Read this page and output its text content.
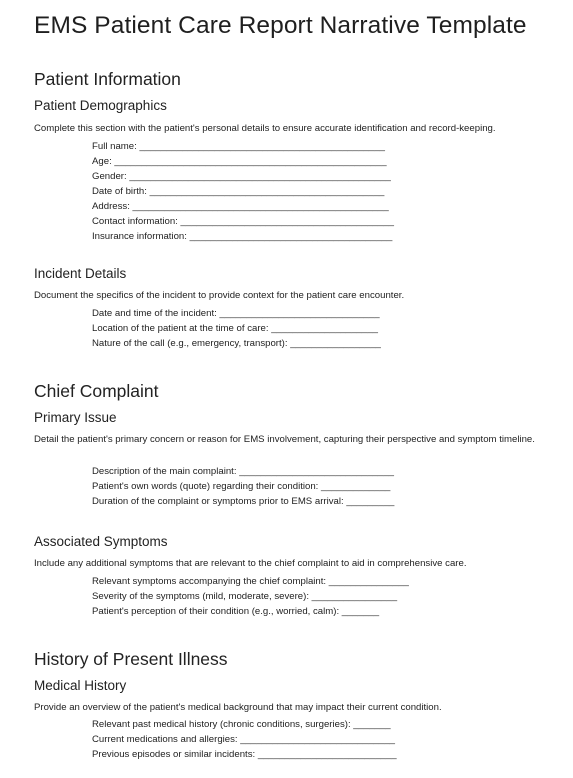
EMS Patient Care Report Narrative Template
Patient Information
Patient Demographics

Complete this section with the patient's personal details to ensure accurate identification and record-keeping.

Full name: ______________________________________________
Age: ___________________________________________________
Gender: _________________________________________________
Date of birth: ____________________________________________
Address: ________________________________________________
Contact information: ________________________________________
Insurance information: ______________________________________
Incident Details

Document the specifics of the incident to provide context for the patient care encounter.

Date and time of the incident: ______________________________
Location of the patient at the time of care: ____________________
Nature of the call (e.g., emergency, transport): _________________
Chief Complaint
Primary Issue

Detail the patient's primary concern or reason for EMS involvement, capturing their perspective and symptom timeline.

Description of the main complaint: _____________________________
Patient's own words (quote) regarding their condition: _____________
Duration of the complaint or symptoms prior to EMS arrival: _________
Associated Symptoms

Include any additional symptoms that are relevant to the chief complaint to aid in comprehensive care.

Relevant symptoms accompanying the chief complaint: _______________
Severity of the symptoms (mild, moderate, severe): ________________
Patient's perception of their condition (e.g., worried, calm): _______
History of Present Illness
Medical History

Provide an overview of the patient's medical background that may impact their current condition.

Relevant past medical history (chronic conditions, surgeries): _______
Current medications and allergies: _____________________________
Previous episodes or similar incidents: __________________________
